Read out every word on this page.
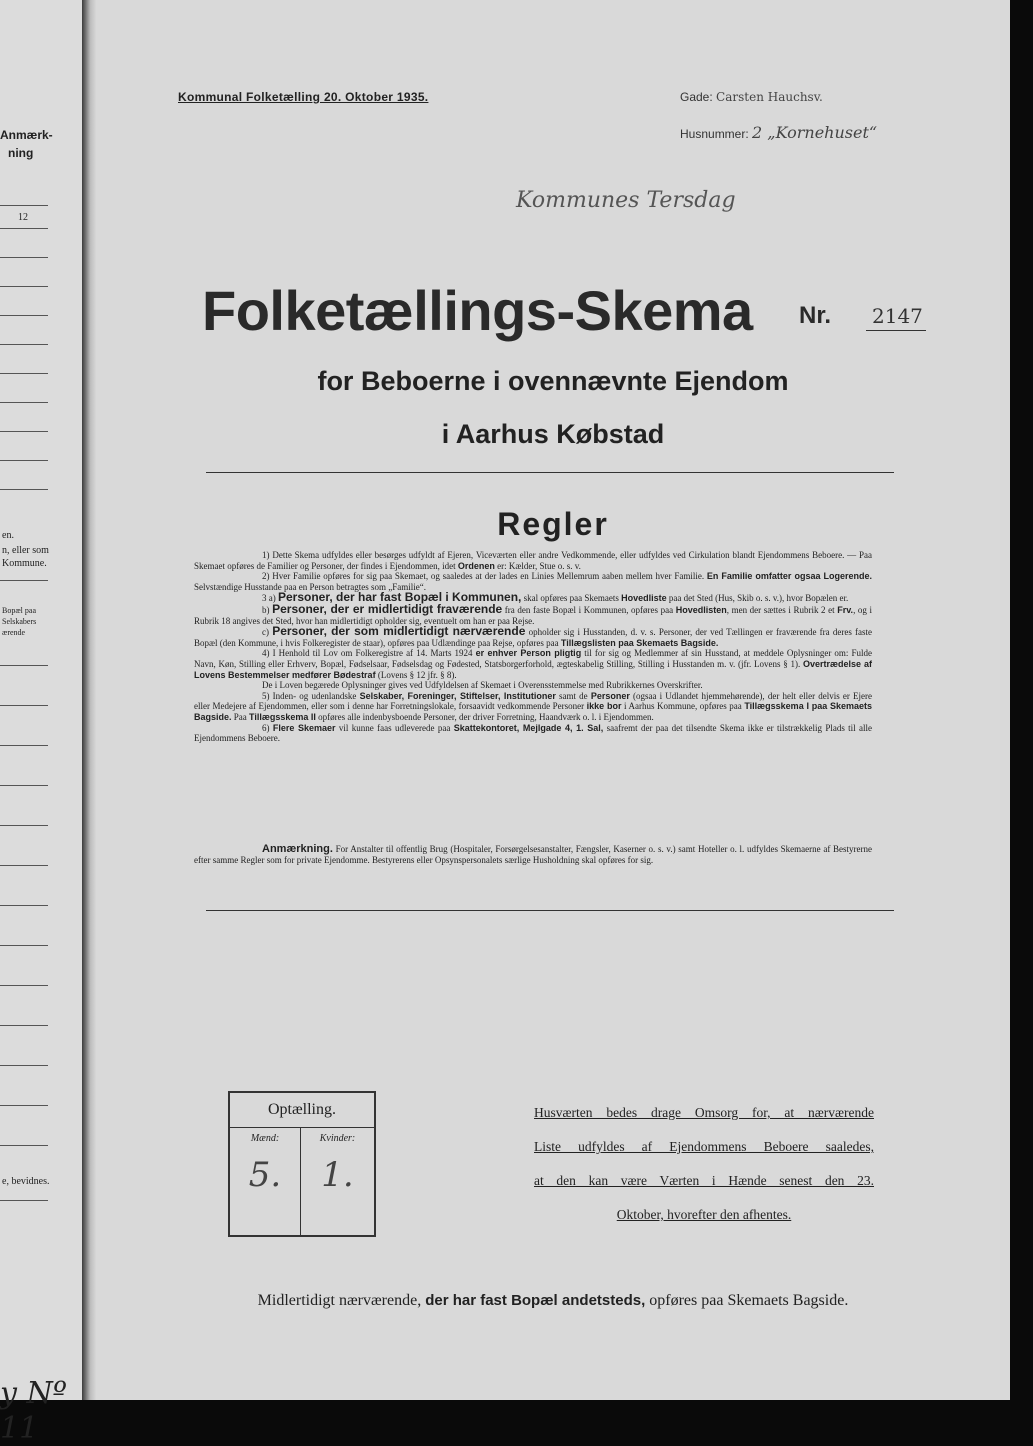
Anmærk-
ning
12
en.
n, eller som
Kommune.
Bopæl paa
Selskabers
ærende
e, bevidnes.
y Nº 11
Kommunal Folketælling 20. Oktober 1935.	Gade: Carsten Hauchsv.
Husnummer: 2 „Kornehuset“
Kommunes Tersdag
Folketællings-Skema Nr. 2147
for Beboerne i ovennævnte Ejendom
i Aarhus Købstad
Regler

1) Dette Skema udfyldes eller besørges udfyldt af Ejeren, Viceværten eller andre Vedkommende, eller udfyldes ved Cirkulation blandt Ejendommens Beboere. — Paa Skemaet opføres de Familier og Personer, der findes i Ejendommen, idet Ordenen er: Kælder, Stue o. s. v.

2) Hver Familie opføres for sig paa Skemaet, og saaledes at der lades en Linies Mellemrum aaben mellem hver Familie. En Familie omfatter ogsaa Logerende. Selvstændige Husstande paa en Person betragtes som „Familie“.

3 a) Personer, der har fast Bopæl i Kommunen, skal opføres paa Skemaets Hovedliste paa det Sted (Hus, Skib o. s. v.), hvor Bopælen er.

b) Personer, der er midlertidigt fraværende fra den faste Bopæl i Kommunen, opføres paa Hovedlisten, men der sættes i Rubrik 2 et Frv., og i Rubrik 18 angives det Sted, hvor han midlertidigt opholder sig, eventuelt om han er paa Rejse.

c) Personer, der som midlertidigt nærværende opholder sig i Husstanden, d. v. s. Personer, der ved Tællingen er fraværende fra deres faste Bopæl (den Kommune, i hvis Folkeregister de staar), opføres paa Udlændinge paa Rejse, opføres paa Tillægslisten paa Skemaets Bagside.

4) I Henhold til Lov om Folkeregistre af 14. Marts 1924 er enhver Person pligtig til for sig og Medlemmer af sin Husstand, at meddele Oplysninger om: Fulde Navn, Køn, Stilling eller Erhverv, Bopæl, Fødselsaar, Fødselsdag og Fødested, Statsborgerforhold, ægteskabelig Stilling, Stilling i Husstanden m. v. (jfr. Lovens § 1). Overtrædelse af Lovens Bestemmelser medfører Bødestraf (Lovens § 12 jfr. § 8).

De i Loven begærede Oplysninger gives ved Udfyldelsen af Skemaet i Overensstemmelse med Rubrikkernes Overskrifter.

5) Inden- og udenlandske Selskaber, Foreninger, Stiftelser, Institutioner samt de Personer (ogsaa i Udlandet hjemmehørende), der helt eller delvis er Ejere eller Medejere af Ejendommen, eller som i denne har Forretningslokale, forsaavidt vedkommende Personer ikke bor i Aarhus Kommune, opføres paa Tillægsskema I paa Skemaets Bagside. Paa Tillægsskema II opføres alle indenbysboende Personer, der driver Forretning, Haandværk o. l. i Ejendommen.

6) Flere Skemaer vil kunne faas udleverede paa Skattekontoret, Mejlgade 4, 1. Sal, saafremt der paa det tilsendte Skema ikke er tilstrækkelig Plads til alle Ejendommens Beboere.

Anmærkning. For Anstalter til offentlig Brug (Hospitaler, Forsørgelsesanstalter, Fængsler, Kaserner o. s. v.) samt Hoteller o. l. udfyldes Skemaerne af Bestyrerne efter samme Regler som for private Ejendomme. Bestyrerens eller Opsynspersonalets særlige Husholdning skal opføres for sig.
Optælling.
Mænd:	Kvinder:
5.	1.
Husværten bedes drage Omsorg for, at nærværende
Liste udfyldes af Ejendommens Beboere saaledes,
at den kan være Værten i Hænde senest den 23.
Oktober, hvorefter den afhentes.
Midlertidigt nærværende, der har fast Bopæl andetsteds, opføres paa Skemaets Bagside.
